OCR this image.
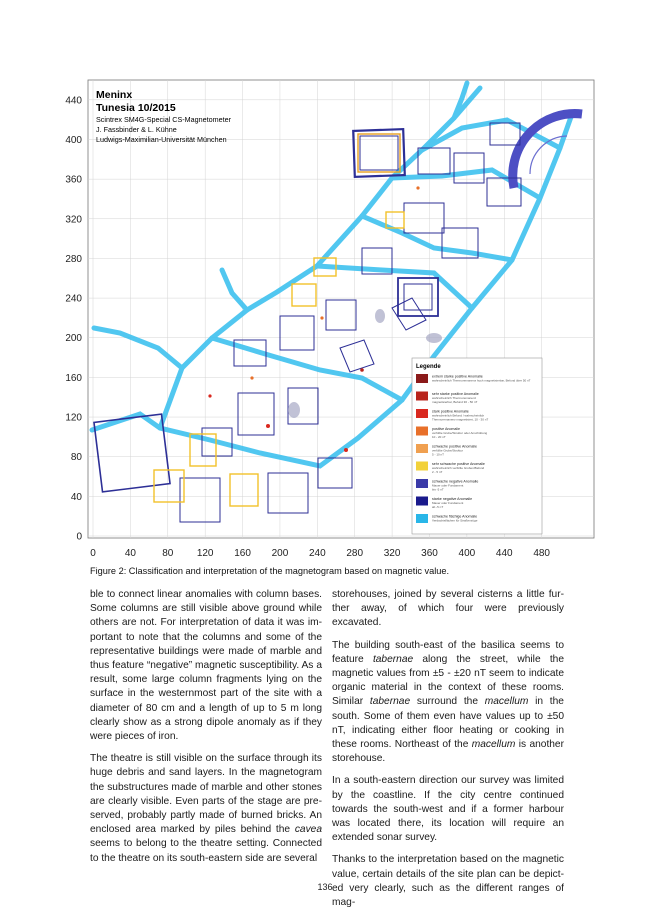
Meninx
Tunesia 10/2015
Scintrex SM4G-Special CS-Magnetometer
J. Fassbinder & L. Kühne
Ludwigs-Maximilian-Universität München
Legende
extrem starke positive Anomalie
wahrscheinlich Thermoremanenz hoch magnetisierbar, Befund über 50 nT
sehr starke positive Anomalie
wahrscheinlich Thermoremanenz
magnetisierbar, Befund 30 - 50 nT
stark positive Anomalie
wahrscheinlich Befund / wahrscheinlich
Thermoremanenz magnetisiert, 10 - 30 nT
positive Anomalie
verfüllte Grube/Struktur oder Anschüttung
10 - 20 nT
schwache positive Anomalie
verfüllte Grube/Struktur
5 - 10 nT
sehr schwache positive Anomalie
wahrscheinlich verfüllte Gruben/Befund
2 - 5 nT
schwache negative Anomalie
Mauer oder Fundament
bis -5 nT
starke negative Anomalie
Mauer oder Fundament
ab -5 nT
schwache flächige Anomalie
Verdachtsflächen für Straßenzüge
0	40	80 120 160 200 240 280 320 360 400 440 480
440
400
360
320
280
240
200
160
120
80
40
0
Figure 2: Classification and interpretation of the magnetogram based on magnetic value.

ble to connect linear anomalies with column bases. Some columns are still visible above ground while others are not. For interpretation of data it was important to note that the columns and some of the representative buildings were made of marble and thus feature “negative” magnetic susceptibility. As a result, some large column fragments lying on the surface in the westernmost part of the site with a diameter of 80 cm and a length of up to 5 m long clearly show as a strong dipole anomaly as if they were pieces of iron.

The theatre is still visible on the surface through its huge debris and sand layers. In the magnetogram the substructures made of marble and other stones are clearly visible. Even parts of the stage are preserved, probably partly made of burned bricks. An enclosed area marked by piles behind the cavea seems to belong to the theatre setting. Connected to the theatre on its south-eastern side are several

storehouses, joined by several cisterns a little further away, of which four were previously excavated.

The building south-east of the basilica seems to feature tabernae along the street, while the magnetic values from ±5 - ±20 nT seem to indicate organic material in the context of these rooms. Similar tabernae surround the macellum in the south. Some of them even have values up to ±50 nT, indicating either floor heating or cooking in these rooms. Northeast of the macellum is another storehouse.

In a south-eastern direction our survey was limited by the coastline. If the city centre continued towards the south-west and if a former harbour was located there, its location will require an extended sonar survey.

Thanks to the interpretation based on the magnetic value, certain details of the site plan can be depicted very clearly, such as the different ranges of mag-

136
